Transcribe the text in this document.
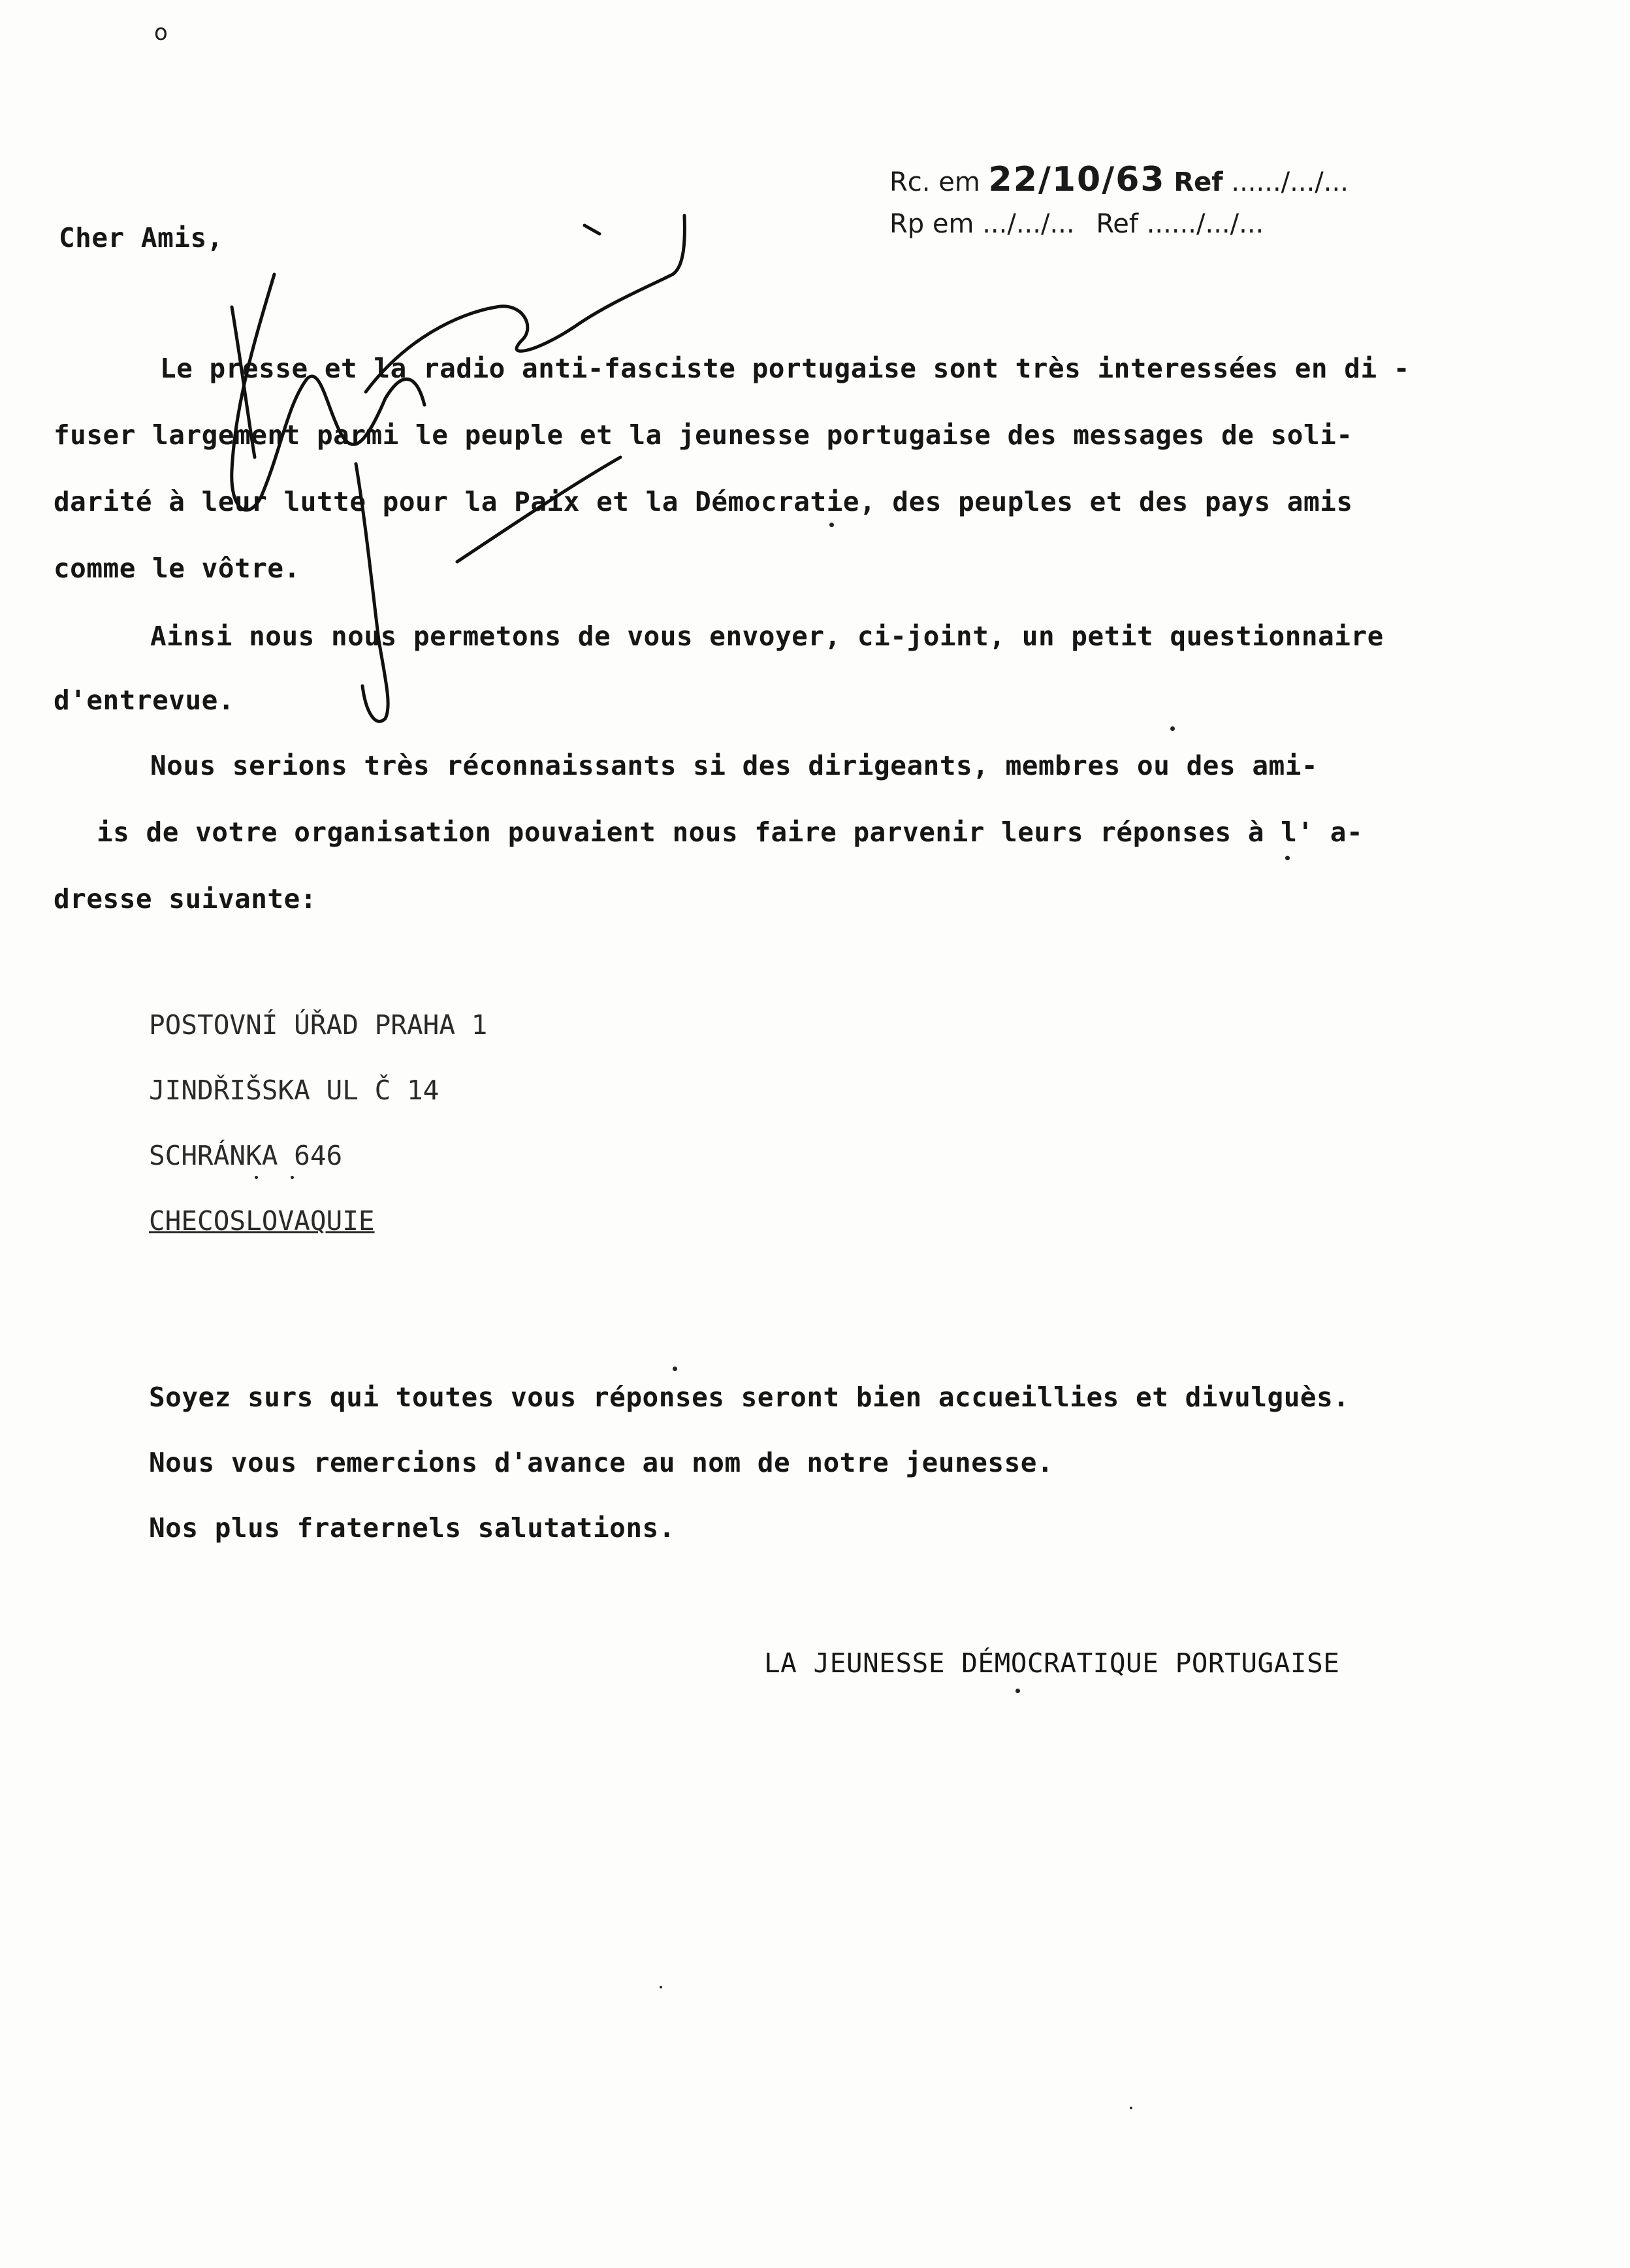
o
Rc. em 22/10/63 Ref ....../.../...
Rp em .../.../... Ref ....../.../...
Cher Amis,
Le presse et la radio anti-fasciste portugaise sont très interessées en di -
fuser largement parmi le peuple et la jeunesse portugaise des messages de soli-
darité à leur lutte pour la Paix et la Démocratie, des peuples et des pays amis
comme le vôtre.
Ainsi nous nous permetons de vous envoyer, ci-joint, un petit questionnaire
d'entrevue.
Nous serions très réconnaissants si des dirigeants, membres ou des ami-
is de votre organisation pouvaient nous faire parvenir leurs réponses à l' a-
dresse suivante:
POSTOVNÍ ÚŘAD PRAHA 1
JINDŘIŠSKA UL Č 14
SCHRÁNKA 646
CHECOSLOVAQUIE
Soyez surs qui toutes vous réponses seront bien accueillies et divulguès.
Nous vous remercions d'avance au nom de notre jeunesse.
Nos plus fraternels salutations.
LA JEUNESSE DÉMOCRATIQUE PORTUGAISE
